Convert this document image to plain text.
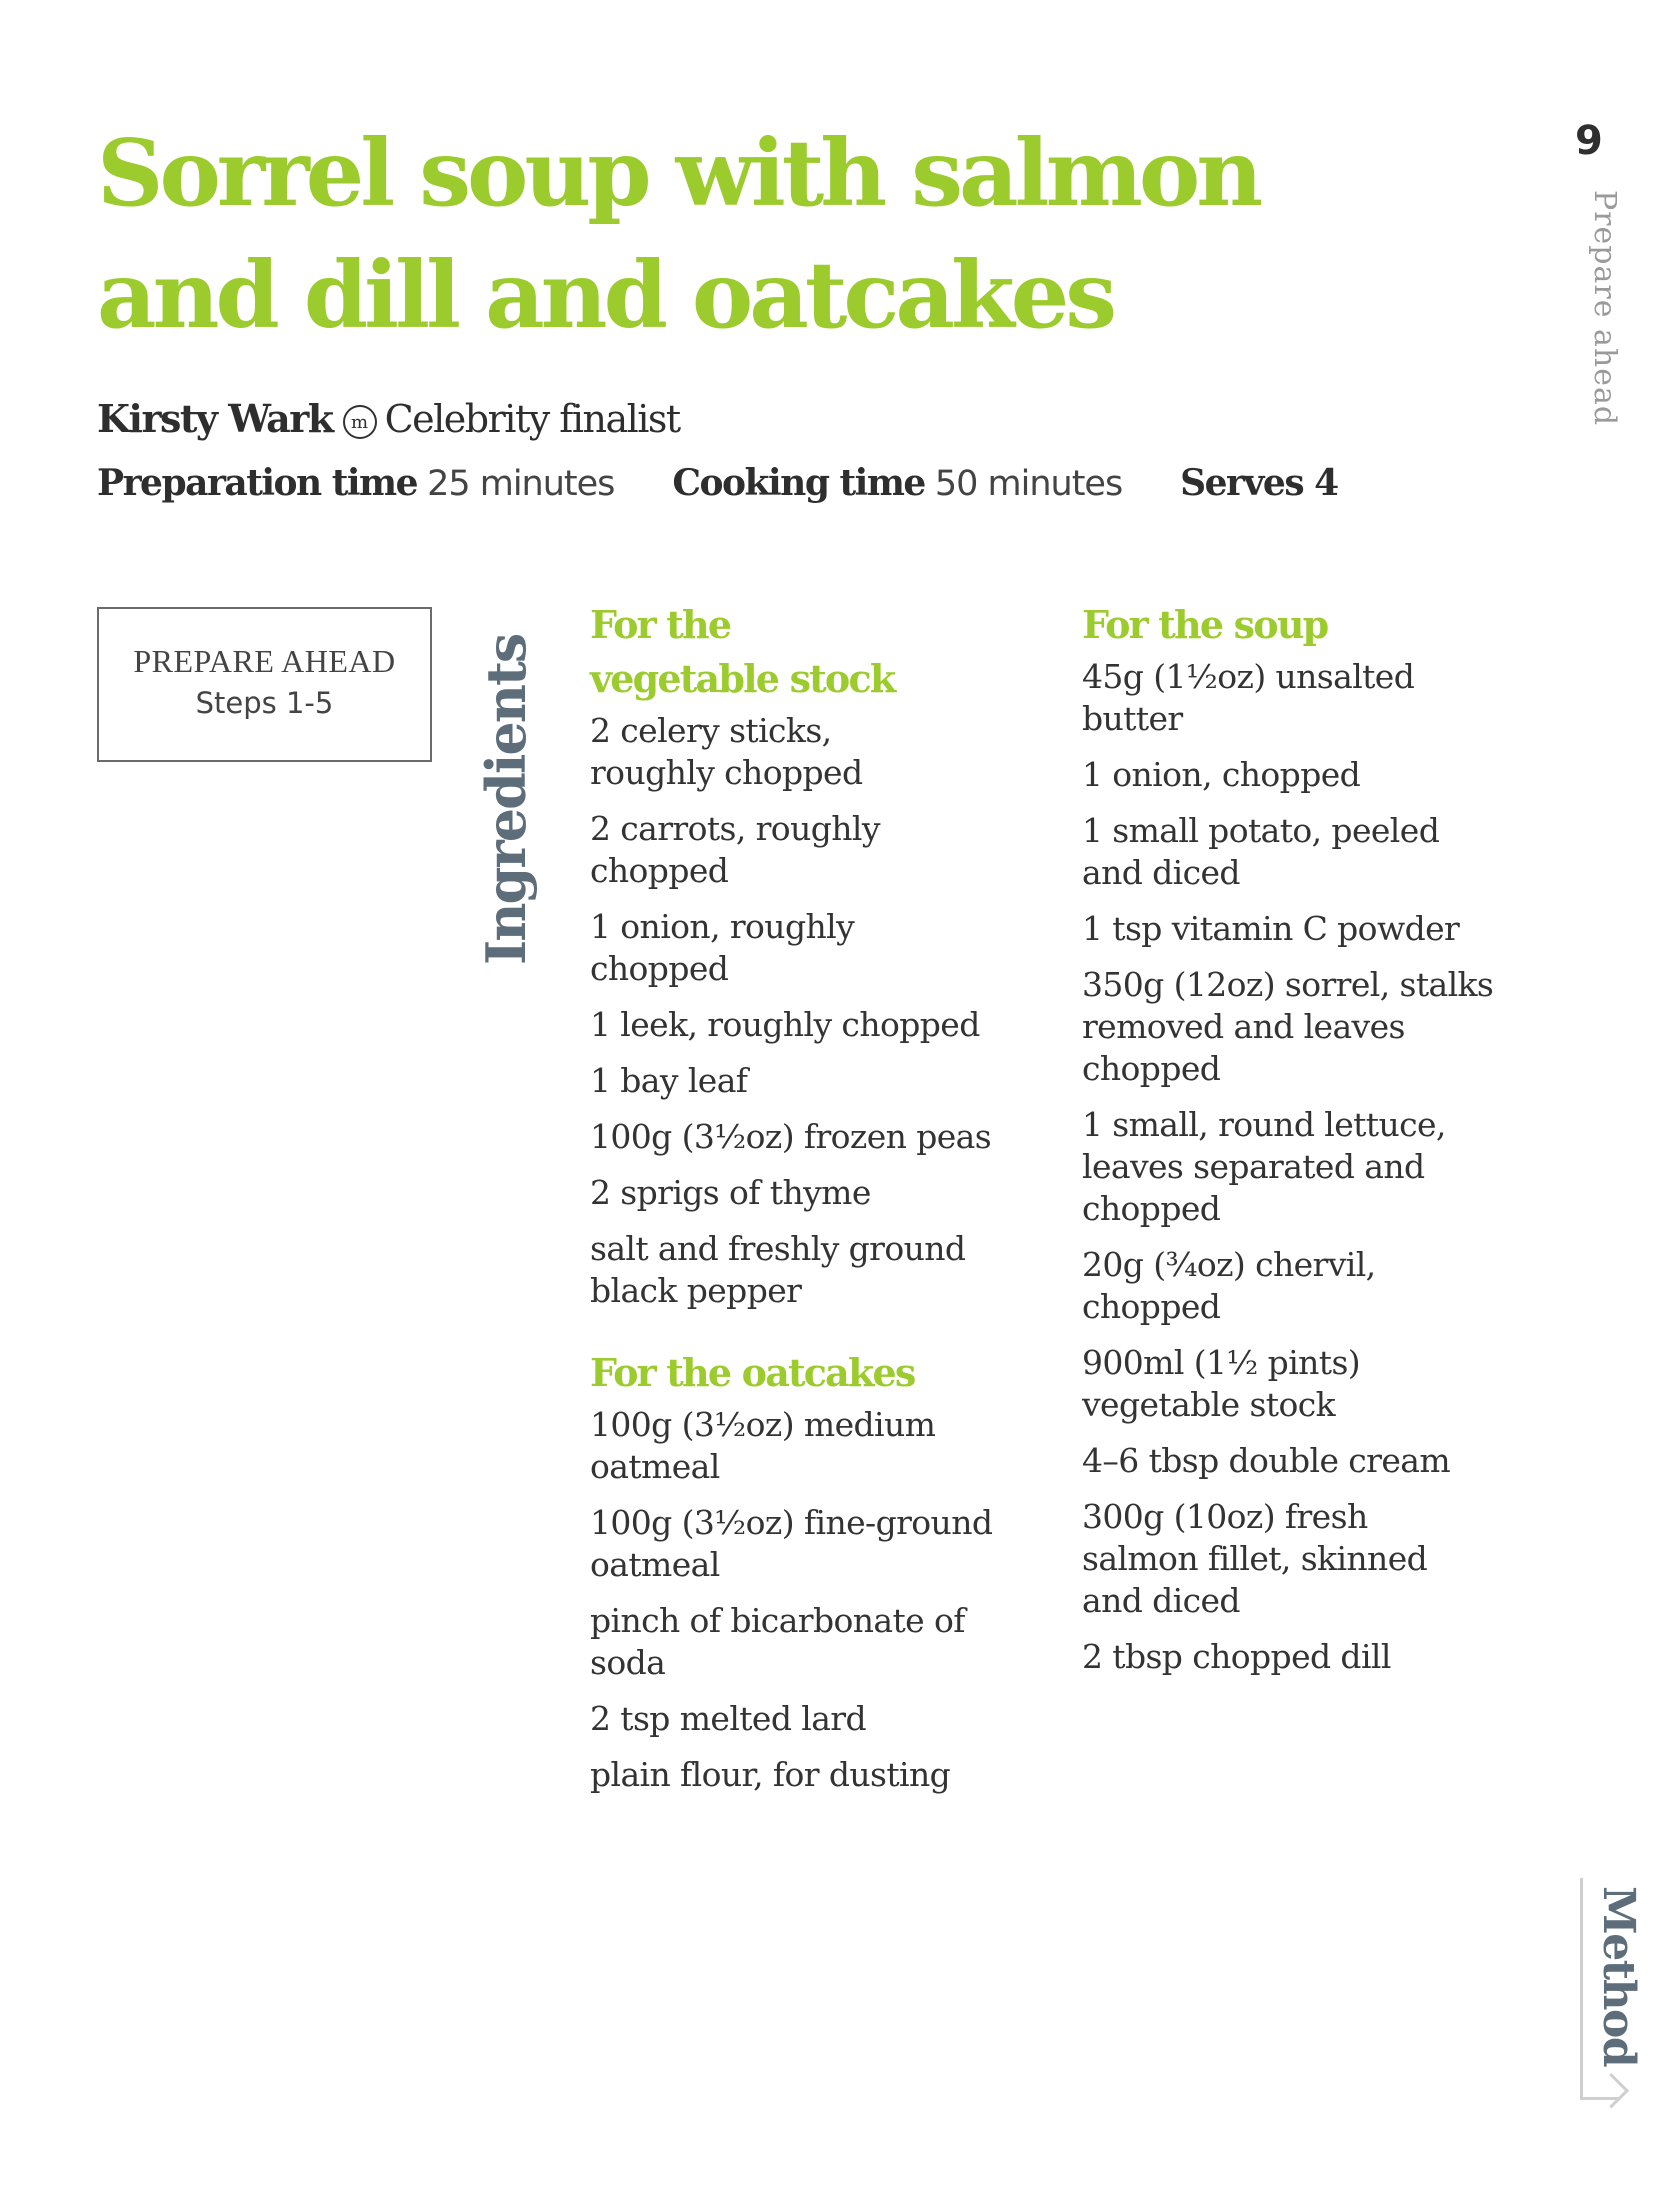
Sorrel soup with salmon
and dill and oatcakes
Kirsty Wark m Celebrity finalist
Preparation time 25 minutes Cooking time 50 minutes Serves 4
PREPARE AHEAD
Steps 1-5	Ingredients
For the vegetable stock
2 celery sticks, roughly chopped
2 carrots, roughly chopped
1 onion, roughly chopped
1 leek, roughly chopped
1 bay leaf
100g (3½oz) frozen peas
2 sprigs of thyme
salt and freshly ground black pepper
For the oatcakes
100g (3½oz) medium oatmeal
100g (3½oz) fine-ground oatmeal
pinch of bicarbonate of soda
2 tsp melted lard
plain flour, for dusting
For the soup
45g (1½oz) unsalted butter
1 onion, chopped
1 small potato, peeled and diced
1 tsp vitamin C powder
350g (12oz) sorrel, stalks removed and leaves chopped
1 small, round lettuce, leaves separated and chopped
20g (¾oz) chervil, chopped
900ml (1½ pints) vegetable stock
4–6 tbsp double cream
300g (10oz) fresh salmon fillet, skinned and diced
2 tbsp chopped dill
9
Prepare ahead
Method
